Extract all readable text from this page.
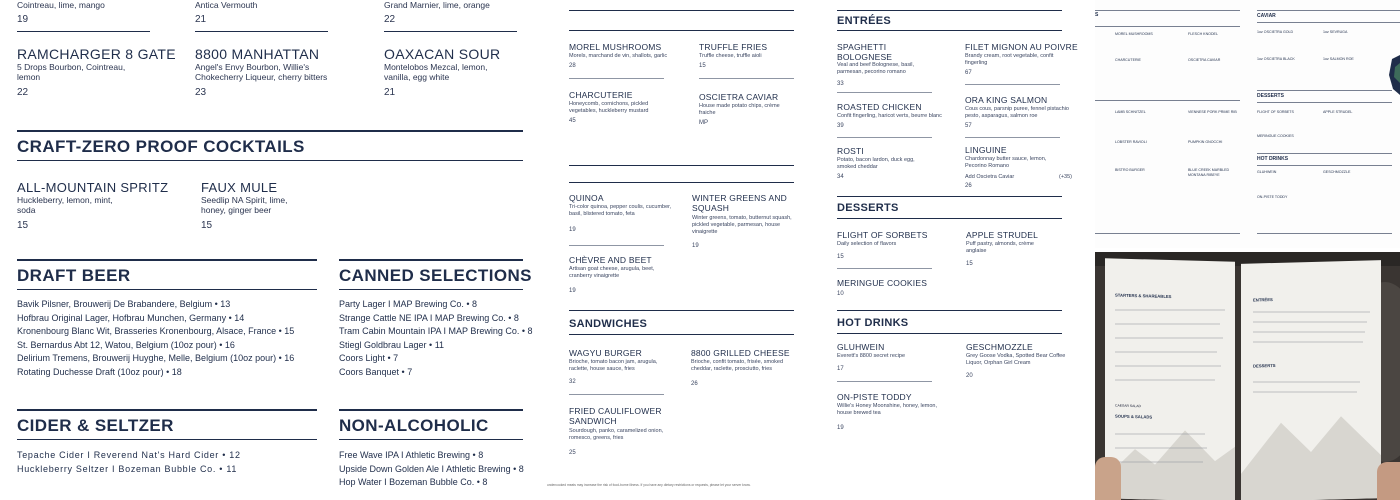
Cointreau, lime, mango
19
Antica Vermouth
21
Grand Marnier, lime, orange
22
RAMCHARGER 8 GATE
5 Drops Bourbon, Cointreau, lemon
22
8800 MANHATTAN
Angel's Envy Bourbon, Willie's Chokecherry Liqueur, cherry bitters
23
OAXACAN SOUR
Montelobos Mezcal, lemon, vanilla, egg white
21
CRAFT-ZERO PROOF COCKTAILS
ALL-MOUNTAIN SPRITZ
Huckleberry, lemon, mint, soda
15
FAUX MULE
Seedlip NA Spirit, lime, honey, ginger beer
15
DRAFT BEER
Bavik Pilsner, Brouwerij De Brabandere, Belgium • 13
Hofbrau Original Lager, Hofbrau Munchen, Germany • 14
Kronenbourg Blanc Wit, Brasseries Kronenbourg, Alsace, France • 15
St. Bernardus Abt 12, Watou, Belgium (10oz pour) • 16
Delirium Tremens, Brouwerij Huyghe, Melle, Belgium (10oz pour) • 16
Rotating Duchesse Draft (10oz pour) • 18
CANNED SELECTIONS
Party Lager I MAP Brewing Co. • 8
Strange Cattle NE IPA I MAP Brewing Co. • 8
Tram Cabin Mountain IPA I MAP Brewing Co. • 8
Stiegl Goldbrau Lager • 11
Coors Light • 7
Coors Banquet • 7
CIDER & SELTZER
Tepache Cider I Reverend Nat's Hard Cider • 12
Huckleberry Seltzer I Bozeman Bubble Co. • 11
NON-ALCOHOLIC
Free Wave IPA I Athletic Brewing • 8
Upside Down Golden Ale I Athletic Brewing • 8
Hop Water I Bozeman Bubble Co. • 8
MOREL MUSHROOMS
Morels, marchand de vin, shallots, garlic
28
TRUFFLE FRIES
Truffle cheese, truffle aioli
15
CHARCUTERIE
Honeycomb, cornichons, pickled vegetables, huckleberry mustard
45
OSCIETRA CAVIAR
House made potato chips, crème fraiche
MP
QUINOA
Tri-color quinoa, pepper coulis, cucumber, basil, blistered tomato, feta
19
WINTER GREENS AND SQUASH
Winter greens, tomato, butternut squash, pickled vegetable, parmesan, house vinaigrette
19
CHÈVRE AND BEET
Artisan goat cheese, arugula, beet, cranberry vinaigrette
19
SANDWICHES
WAGYU BURGER
Brioche, tomato bacon jam, arugula, raclette, house sauce, fries
32
8800 GRILLED CHEESE
Brioche, confit tomato, frisée, smoked cheddar, raclette, prosciutto, fries
26
FRIED CAULIFLOWER SANDWICH
Sourdough, panko, caramelized onion, romesco, greens, fries
25
undercooked meats may increase the risk of food-borne illness. If you have any dietary restrictions or requests, please let your server know.
ENTRÉES
SPAGHETTI BOLOGNESE
Veal and beef Bolognese, basil, parmesan, pecorino romano
33
FILET MIGNON AU POIVRE
Brandy cream, root vegetable, confit fingerling
67
ROASTED CHICKEN
Confit fingerling, haricot verts, beurre blanc
39
ORA KING SALMON
Cous cous, parsnip puree, fennel pistachio pesto, asparagus, salmon roe
57
ROSTI
Potato, bacon lardon, duck egg, smoked cheddar
34
LINGUINE
Chardonnay butter sauce, lemon, Pecorino Romano
Add Oscietra Caviar	(+35)
26
DESSERTS
FLIGHT OF SORBETS
Daily selection of flavors
15
APPLE STRUDEL
Puff pastry, almonds, crème anglaise
15
MERINGUE COOKIES
10
HOT DRINKS
GLUHWEIN
Everett's 8800 secret recipe
17
GESCHMOZZLE
Grey Goose Vodka, Spotted Bear Coffee Liquor, Orphan Girl Cream
20
ON-PISTE TODDY
Willie's Honey Moonshine, honey, lemon, house brewed tea
19
S
MOREL MUSHROOMS	FLESCH KNODEL
CHARCUTERIE	OSCIETRA CAVIAR
LAMB SCHNITZEL	VIENNESE PORK PRIME RIB
LOBSTER RAVIOLI	PUMPKIN GNOCCHI
BISTRO BURGER	BLUE CREEK MARBLED MONTANA RIBEYE
CAVIAR
1oz OSCIETRA GOLD	1oz SEVRUGA
1oz OSCIETRA BLACK	1oz SALMON ROE
DESSERTS
FLIGHT OF SORBETS	APPLE STRUDEL
MERINGUE COOKIES
HOT DRINKS
GLUHWEIN	GESCHMOZZLE
ON-PISTE TODDY
STARTERS & SHAREABLES
CAESAR SALAD
SOUPS & SALADS
ENTRÉES
DESSERTS
